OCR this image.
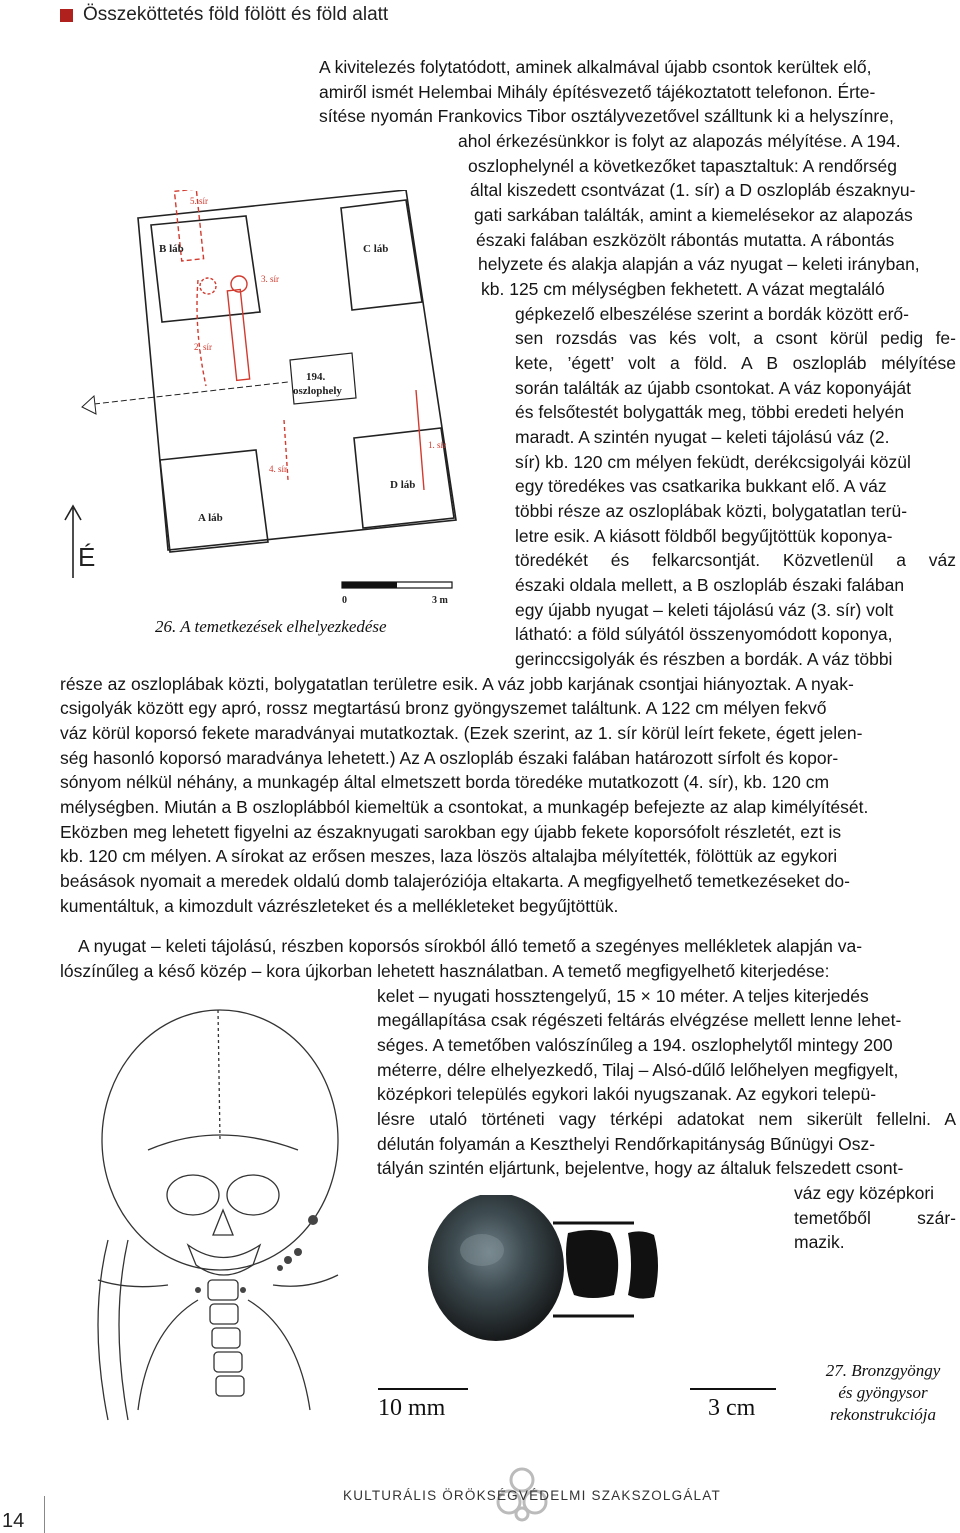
Összeköttetés föld fölött és föld alatt
A kivitelezés folytatódott, aminek alkalmával újabb csontok kerültek elő,
amiről ismét Helembai Mihály építésvezető tájékoztatott telefonon. Érte-
sítése nyomán Frankovics Tibor osztályvezetővel szálltunk ki a helyszínre,
ahol érkezésünkkor is folyt az alapozás mélyítése. A 194.
oszlophelynél a következőket tapasztaltuk: A rendőrség
által kiszedett csontvázat (1. sír) a D oszlopláb északnyu-
gati sarkában találták, amint a kiemelésekor az alapozás
északi falában eszközölt rábontás mutatta. A rábontás
helyzete és alakja alapján a váz nyugat – keleti irányban,
kb. 125 cm mélységben fekhetett. A vázat megtaláló
gépkezelő elbeszélése szerint a bordák között erő-
sen rozsdás vas kés volt, a csont körül pedig fe-
kete, ’égett’ volt a föld. A B oszlopláb mélyítése
során találták az újabb csontokat. A váz koponyáját
és felsőtestét bolygatták meg, többi eredeti helyén
maradt. A szintén nyugat – keleti tájolású váz (2.
sír) kb. 120 cm mélyen feküdt, derékcsigolyái közül
egy töredékes vas csatkarika bukkant elő. A váz
többi része az oszloplábak közti, bolygatatlan terü-
letre esik. A kiásott földből begyűjtöttük koponya-
töredékét és felkarcsontját. Közvetlenül a váz
északi oldala mellett, a B oszlopláb északi falában
egy újabb nyugat – keleti tájolású váz (3. sír) volt
látható: a föld súlyától összenyomódott koponya,
gerinccsigolyák és részben a bordák. A váz többi
része az oszloplábak közti, bolygatatlan területre esik. A váz jobb karjának csontjai hiányoztak. A nyak-
csigolyák között egy apró, rossz megtartású bronz gyöngyszemet találtunk. A 122 cm mélyen fekvő
váz körül koporsó fekete maradványai mutatkoztak. (Ezek szerint, az 1. sír körül leírt fekete, égett jelen-
ség hasonló koporsó maradványa lehetett.) Az A oszlopláb északi falában határozott sírfolt és kopor-
sónyom nélkül néhány, a munkagép által elmetszett borda töredéke mutatkozott (4. sír), kb. 120 cm
mélységben. Miután a B oszloplábból kiemeltük a csontokat, a munkagép befejezte az alap kimélyítését.
Eközben meg lehetett figyelni az északnyugati sarokban egy újabb fekete koporsófolt részletét, ezt is
kb. 120 cm mélyen. A sírokat az erősen meszes, laza löszös altalajba mélyítették, fölöttük az egykori
beásások nyomait a meredek oldalú domb talajeróziója eltakarta. A megfigyelhető temetkezéseket do-
kumentáltuk, a kimozdult vázrészleteket és a mellékleteket begyűjtöttük.
A nyugat – keleti tájolású, részben koporsós sírokból álló temető a szegényes mellékletek alapján va-
lószínűleg a késő közép – kora újkorban lehetett használatban. A temető megfigyelhető kiterjedése:
kelet – nyugati hossztengelyű, 15 × 10 méter. A teljes kiterjedés
megállapítása csak régészeti feltárás elvégzése mellett lenne lehet-
séges. A temetőben valószínűleg a 194. oszlophelytől mintegy 200
méterre, délre elhelyezkedő, Tilaj – Alsó-dűlő lelőhelyen megfigyelt,
középkori település egykori lakói nyugszanak. Az egykori telepü-
lésre utaló történeti vagy térképi adatokat nem sikerült fellelni. A
délután folyamán a Keszthelyi Rendőrkapitányság Bűnügyi Osz-
tályán szintén eljártunk, bejelentve, hogy az általuk felszedett csont-
váz egy középkori
temetőből szár-
mazik.
B láb	C láb
A láb
D láb
194.
oszlophely
5. sír
3. sír
2. sír
1. sír
4. sír
É
0	3 m
26. A temetkezések elhelyezkedése
10 mm	3 cm
27. Bronzgyöngy
és gyöngysor
rekonstrukciója
KULTURÁLIS ÖRÖKSÉGVÉDELMI SZAKSZOLGÁLAT
14
